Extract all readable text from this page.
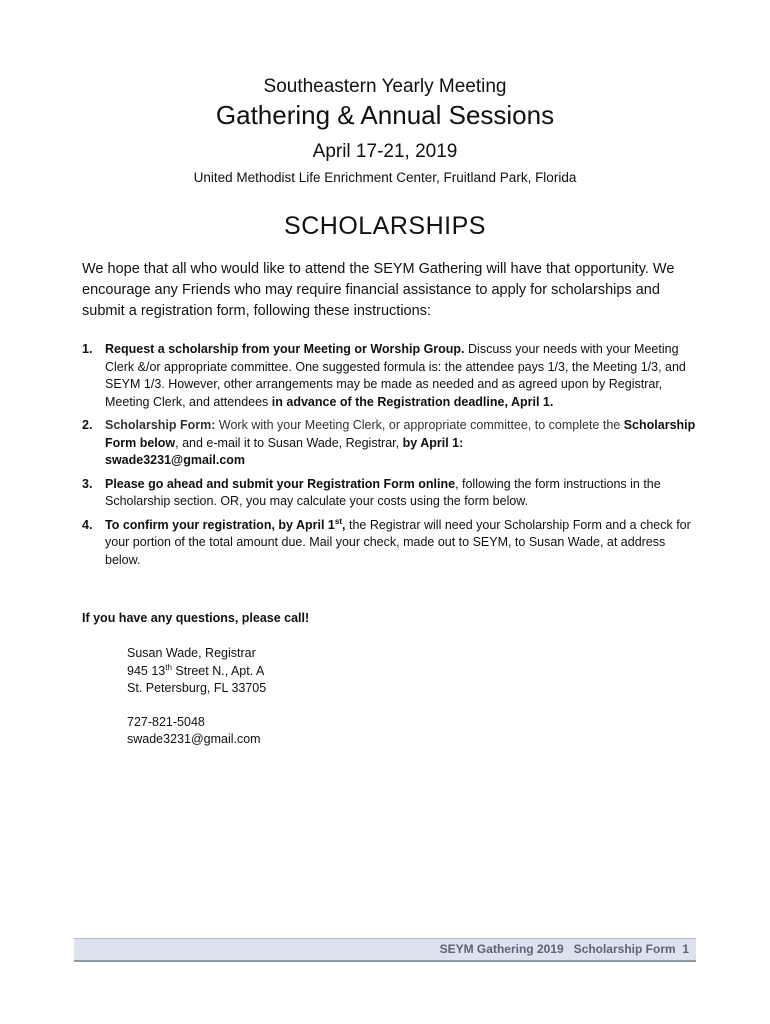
Southeastern Yearly Meeting
Gathering & Annual Sessions
April 17-21, 2019
United Methodist Life Enrichment Center, Fruitland Park, Florida
SCHOLARSHIPS
We hope that all who would like to attend the SEYM Gathering will have that opportunity. We encourage any Friends who may require financial assistance to apply for scholarships and submit a registration form, following these instructions:
1. Request a scholarship from your Meeting or Worship Group. Discuss your needs with your Meeting Clerk &/or appropriate committee. One suggested formula is: the attendee pays 1/3, the Meeting 1/3, and SEYM 1/3. However, other arrangements may be made as needed and as agreed upon by Registrar, Meeting Clerk, and attendees in advance of the Registration deadline, April 1.
2. Scholarship Form: Work with your Meeting Clerk, or appropriate committee, to complete the Scholarship Form below, and e-mail it to Susan Wade, Registrar, by April 1:
swade3231@gmail.com
3. Please go ahead and submit your Registration Form online, following the form instructions in the Scholarship section. OR, you may calculate your costs using the form below.
4. To confirm your registration, by April 1st, the Registrar will need your Scholarship Form and a check for your portion of the total amount due. Mail your check, made out to SEYM, to Susan Wade, at address below.
If you have any questions, please call!
Susan Wade, Registrar
945 13th Street N., Apt. A
St. Petersburg, FL 33705
727-821-5048
swade3231@gmail.com
SEYM Gathering 2019   Scholarship Form  1
